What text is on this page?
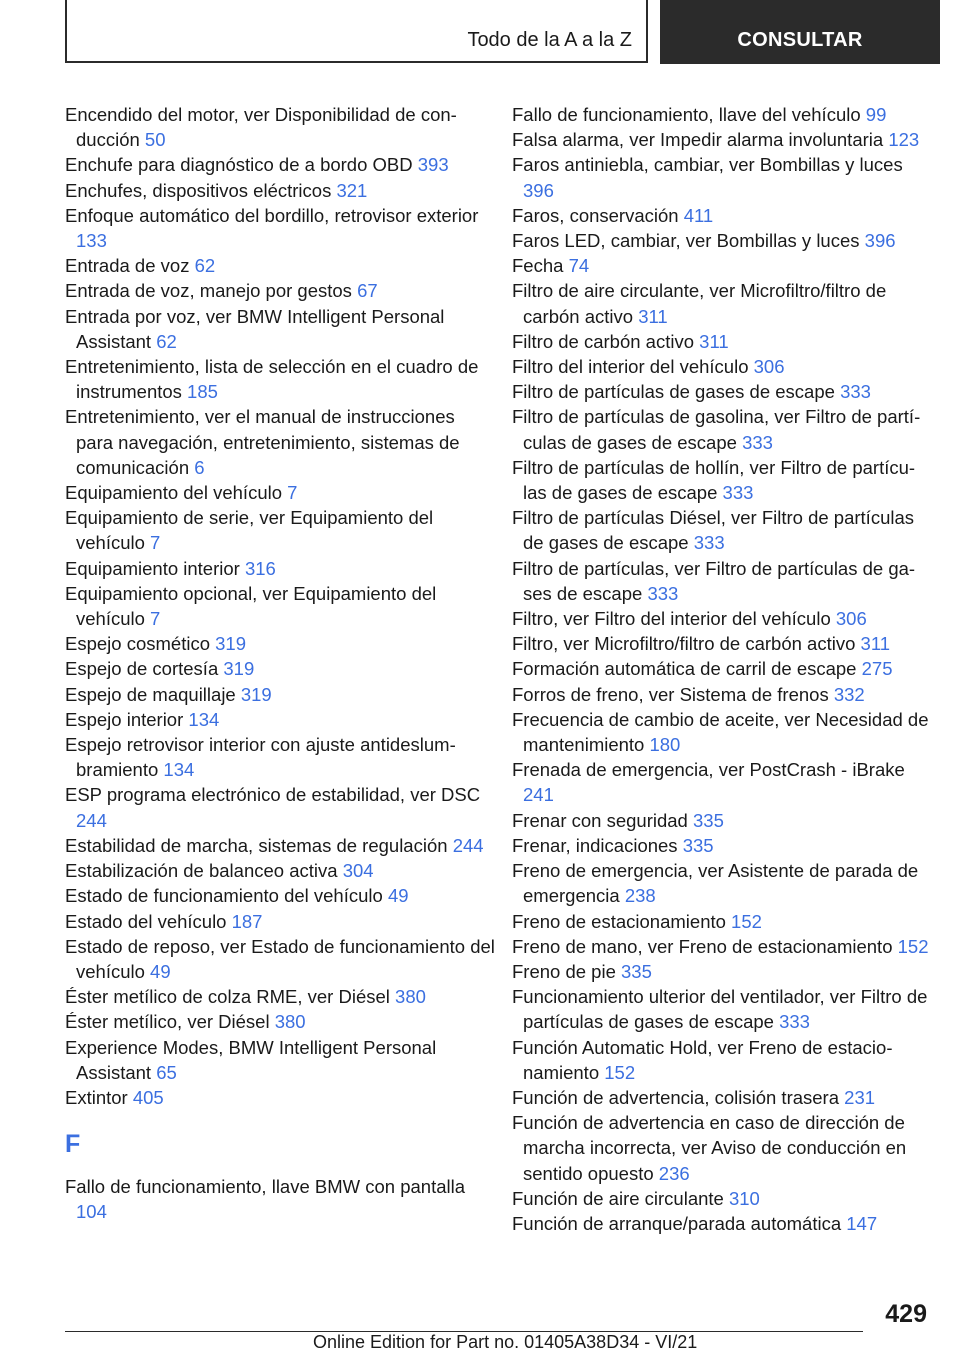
Todo de la A a la Z	CONSULTAR
Encendido del motor, ver Disponibilidad de conducción 50
Enchufe para diagnóstico de a bordo OBD 393
Enchufes, dispositivos eléctricos 321
Enfoque automático del bordillo, retrovisor exterior 133
Entrada de voz 62
Entrada de voz, manejo por gestos 67
Entrada por voz, ver BMW Intelligent Personal Assistant 62
Entretenimiento, lista de selección en el cuadro de instrumentos 185
Entretenimiento, ver el manual de instrucciones para navegación, entretenimiento, sistemas de comunicación 6
Equipamiento del vehículo 7
Equipamiento de serie, ver Equipamiento del vehículo 7
Equipamiento interior 316
Equipamiento opcional, ver Equipamiento del vehículo 7
Espejo cosmético 319
Espejo de cortesía 319
Espejo de maquillaje 319
Espejo interior 134
Espejo retrovisor interior con ajuste antideslumbramiento 134
ESP programa electrónico de estabilidad, ver DSC 244
Estabilidad de marcha, sistemas de regulación 244
Estabilización de balanceo activa 304
Estado de funcionamiento del vehículo 49
Estado del vehículo 187
Estado de reposo, ver Estado de funcionamiento del vehículo 49
Éster metílico de colza RME, ver Diésel 380
Éster metílico, ver Diésel 380
Experience Modes, BMW Intelligent Personal Assistant 65
Extintor 405
F
Fallo de funcionamiento, llave BMW con pantalla 104
Fallo de funcionamiento, llave del vehículo 99
Falsa alarma, ver Impedir alarma involuntaria 123
Faros antiniebla, cambiar, ver Bombillas y luces 396
Faros, conservación 411
Faros LED, cambiar, ver Bombillas y luces 396
Fecha 74
Filtro de aire circulante, ver Microfiltro/filtro de carbón activo 311
Filtro de carbón activo 311
Filtro del interior del vehículo 306
Filtro de partículas de gases de escape 333
Filtro de partículas de gasolina, ver Filtro de partículas de gases de escape 333
Filtro de partículas de hollín, ver Filtro de partículas de gases de escape 333
Filtro de partículas Diésel, ver Filtro de partículas de gases de escape 333
Filtro de partículas, ver Filtro de partículas de gases de escape 333
Filtro, ver Filtro del interior del vehículo 306
Filtro, ver Microfiltro/filtro de carbón activo 311
Formación automática de carril de escape 275
Forros de freno, ver Sistema de frenos 332
Frecuencia de cambio de aceite, ver Necesidad de mantenimiento 180
Frenada de emergencia, ver PostCrash - iBrake 241
Frenar con seguridad 335
Frenar, indicaciones 335
Freno de emergencia, ver Asistente de parada de emergencia 238
Freno de estacionamiento 152
Freno de mano, ver Freno de estacionamiento 152
Freno de pie 335
Funcionamiento ulterior del ventilador, ver Filtro de partículas de gases de escape 333
Función Automatic Hold, ver Freno de estacionamiento 152
Función de advertencia, colisión trasera 231
Función de advertencia en caso de dirección de marcha incorrecta, ver Aviso de conducción en sentido opuesto 236
Función de aire circulante 310
Función de arranque/parada automática 147
429
Online Edition for Part no. 01405A38D34 - VI/21
